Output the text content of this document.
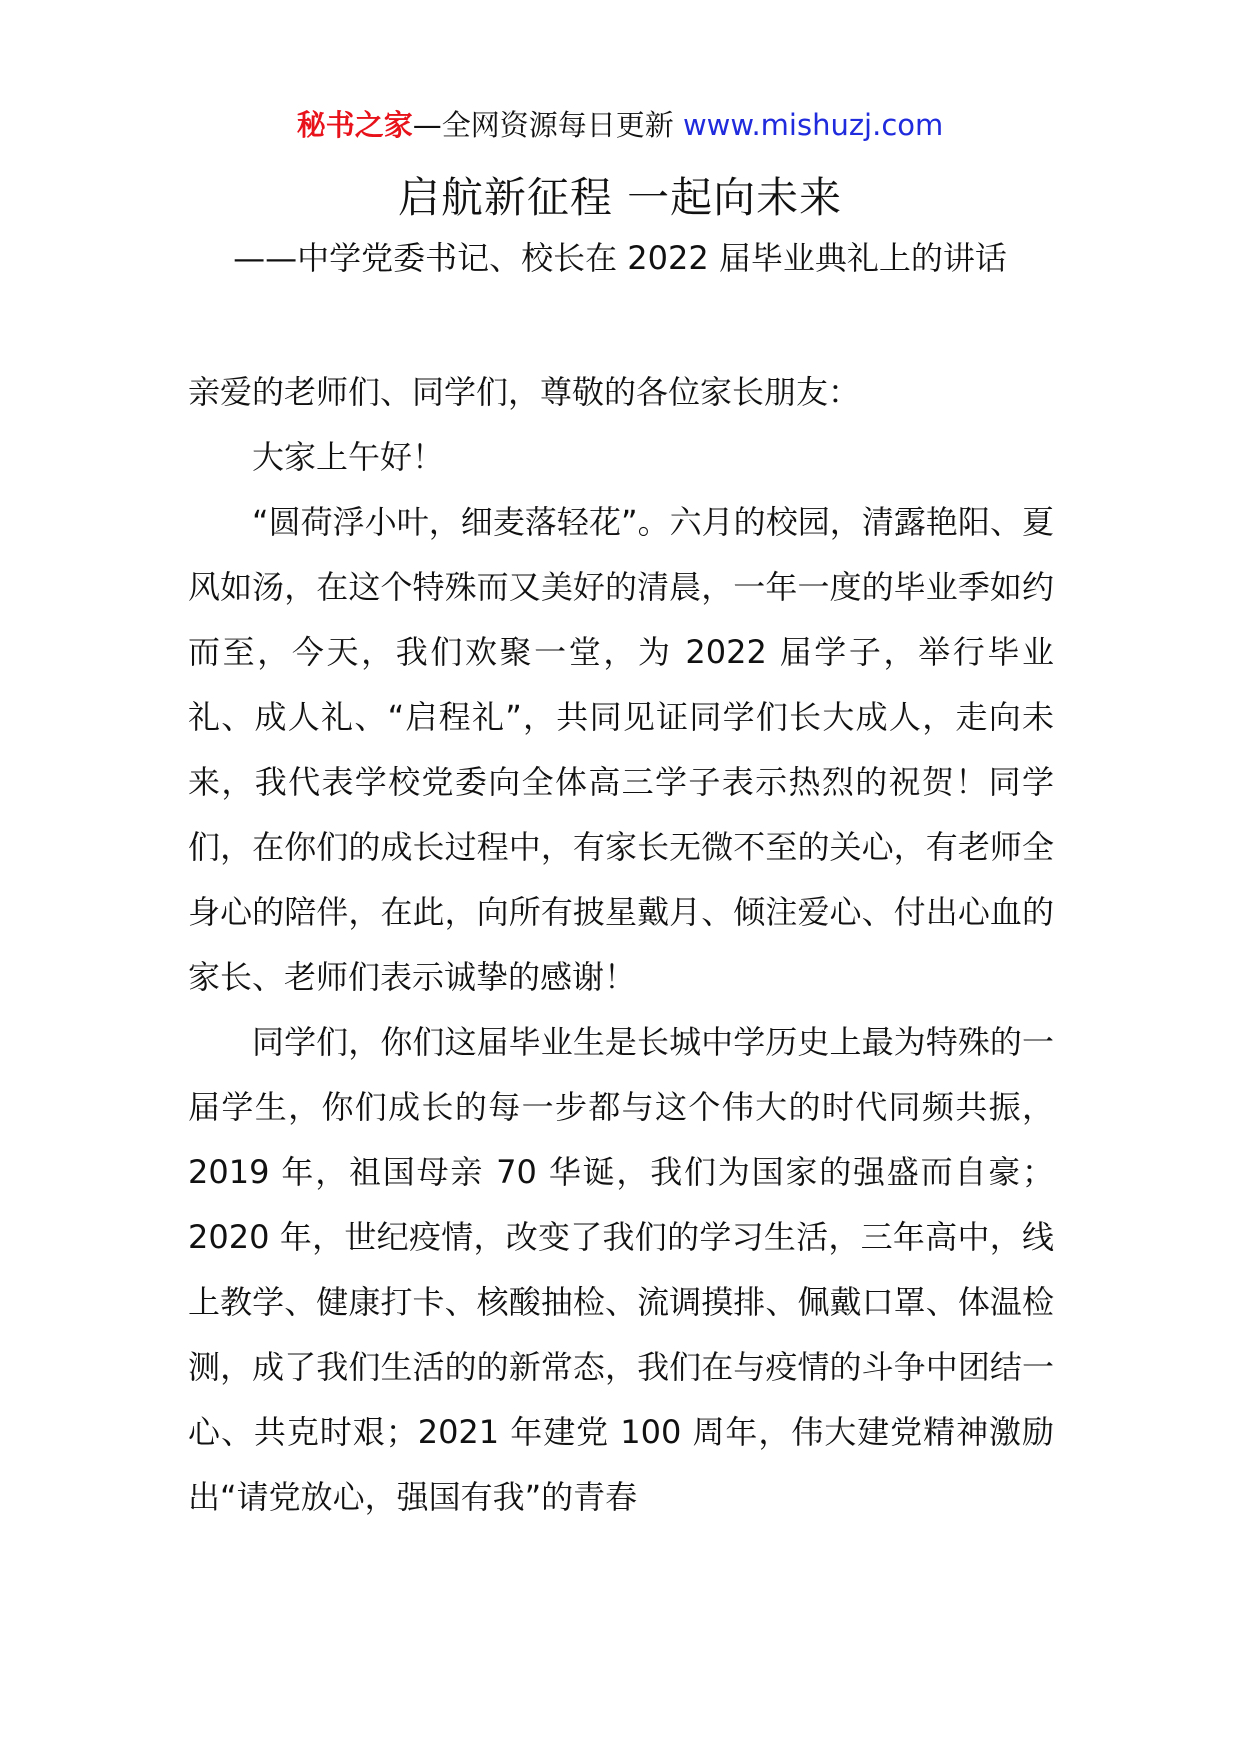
秘书之家—全网资源每日更新 www.mishuzj.com
启航新征程 一起向未来
——中学党委书记、校长在 2022 届毕业典礼上的讲话

亲爱的老师们、同学们，尊敬的各位家长朋友：

大家上午好！

“圆荷浮小叶，细麦落轻花”。六月的校园，清露艳阳、夏风如汤，在这个特殊而又美好的清晨，一年一度的毕业季如约而至，今天，我们欢聚一堂，为 2022 届学子，举行毕业礼、成人礼、“启程礼”，共同见证同学们长大成人，走向未来，我代表学校党委向全体高三学子表示热烈的祝贺！同学们，在你们的成长过程中，有家长无微不至的关心，有老师全身心的陪伴，在此，向所有披星戴月、倾注爱心、付出心血的家长、老师们表示诚挚的感谢！

同学们，你们这届毕业生是长城中学历史上最为特殊的一届学生，你们成长的每一步都与这个伟大的时代同频共振，2019 年，祖国母亲 70 华诞，我们为国家的强盛而自豪；2020 年，世纪疫情，改变了我们的学习生活，三年高中，线上教学、健康打卡、核酸抽检、流调摸排、佩戴口罩、体温检测，成了我们生活的的新常态，我们在与疫情的斗争中团结一心、共克时艰；2021 年建党 100 周年，伟大建党精神激励出“请党放心，强国有我”的青春
